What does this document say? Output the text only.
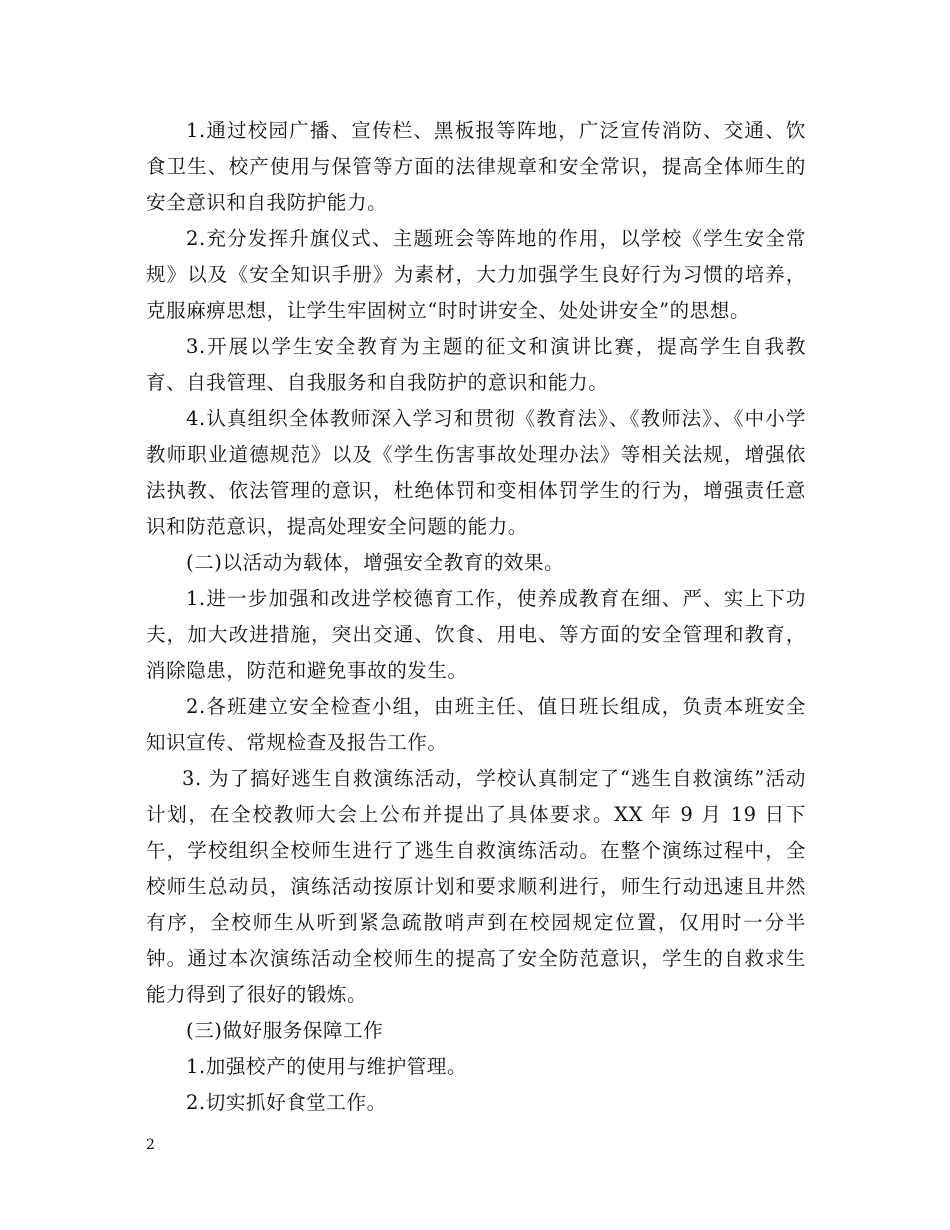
1.通过校园广播、宣传栏、黑板报等阵地，广泛宣传消防、交通、饮食卫生、校产使用与保管等方面的法律规章和安全常识，提高全体师生的安全意识和自我防护能力。

2.充分发挥升旗仪式、主题班会等阵地的作用，以学校《学生安全常规》以及《安全知识手册》为素材，大力加强学生良好行为习惯的培养，克服麻痹思想，让学生牢固树立“时时讲安全、处处讲安全”的思想。

3.开展以学生安全教育为主题的征文和演讲比赛，提高学生自我教育、自我管理、自我服务和自我防护的意识和能力。

4.认真组织全体教师深入学习和贯彻《教育法》、《教师法》、《中小学教师职业道德规范》以及《学生伤害事故处理办法》等相关法规，增强依法执教、依法管理的意识，杜绝体罚和变相体罚学生的行为，增强责任意识和防范意识，提高处理安全问题的能力。

(二)以活动为载体，增强安全教育的效果。

1.进一步加强和改进学校德育工作，使养成教育在细、严、实上下功夫，加大改进措施，突出交通、饮食、用电、等方面的安全管理和教育，消除隐患，防范和避免事故的发生。

2.各班建立安全检查小组，由班主任、值日班长组成，负责本班安全知识宣传、常规检查及报告工作。

3. 为了搞好逃生自救演练活动，学校认真制定了“逃生自救演练”活动计划，在全校教师大会上公布并提出了具体要求。XX 年 9 月 19 日下午，学校组织全校师生进行了逃生自救演练活动。在整个演练过程中，全校师生总动员，演练活动按原计划和要求顺利进行，师生行动迅速且井然有序，全校师生从听到紧急疏散哨声到在校园规定位置，仅用时一分半钟。通过本次演练活动全校师生的提高了安全防范意识，学生的自救求生能力得到了很好的锻炼。

(三)做好服务保障工作

1.加强校产的使用与维护管理。

2.切实抓好食堂工作。

2
